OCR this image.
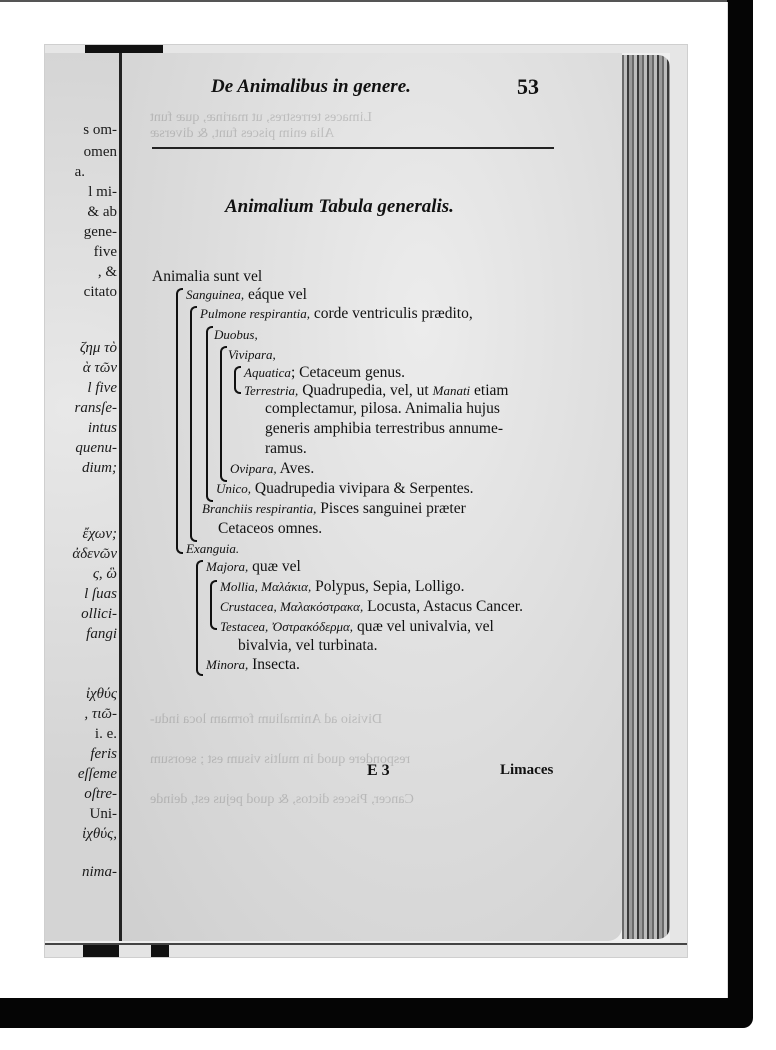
s om-
omen
a.
l mi-
& ab
gene-
five
, &
citato
ζημ τὸ
ὰ τῶν
l five
ransſe-
intus
quenu-
dium;
ἔχων;
ἀδενῶν
ς, ὣ
l ſuas
ollici-
fangi
ἰχθύς
, τιῶ-
i. e.
feris
eſſeme
oſtre-
Uni-
ἰχθύς,
nima-
Limaces terrestres, ut marinæ, quæ funt
Alia enim pisces funt, & diversæ
Divisio ad Animalium formam loca indu-
respondere quod in multis visum est ; seorsum
Cancer, Pisces dictos, & quod pejus est, deinde
De Animalibus in genere.	53
Animalium Tabula generalis.
Animalia sunt vel
Sanguinea, eáque vel
Pulmone respirantia, corde ventriculis prædito,
Duobus,
Vivipara,
Aquatica; Cetaceum genus.
Terrestria, Quadrupedia, vel, ut Manati etiam
complectamur, pilosa. Animalia hujus
generis amphibia terrestribus annume-
ramus.
Ovipara, Aves.
Unico, Quadrupedia vivipara & Serpentes.
Branchiis respirantia, Pisces sanguinei præter
Cetaceos omnes.
Exanguia.
Majora, quæ vel
Mollia, Μαλάκια, Polypus, Sepia, Lolligo.
Crustacea, Μαλακόστρακα, Locusta, Astacus Cancer.
Testacea, Ὀστρακόδερμα, quæ vel univalvia, vel
bivalvia, vel turbinata.
Minora, Insecta.
E 3	Limaces
